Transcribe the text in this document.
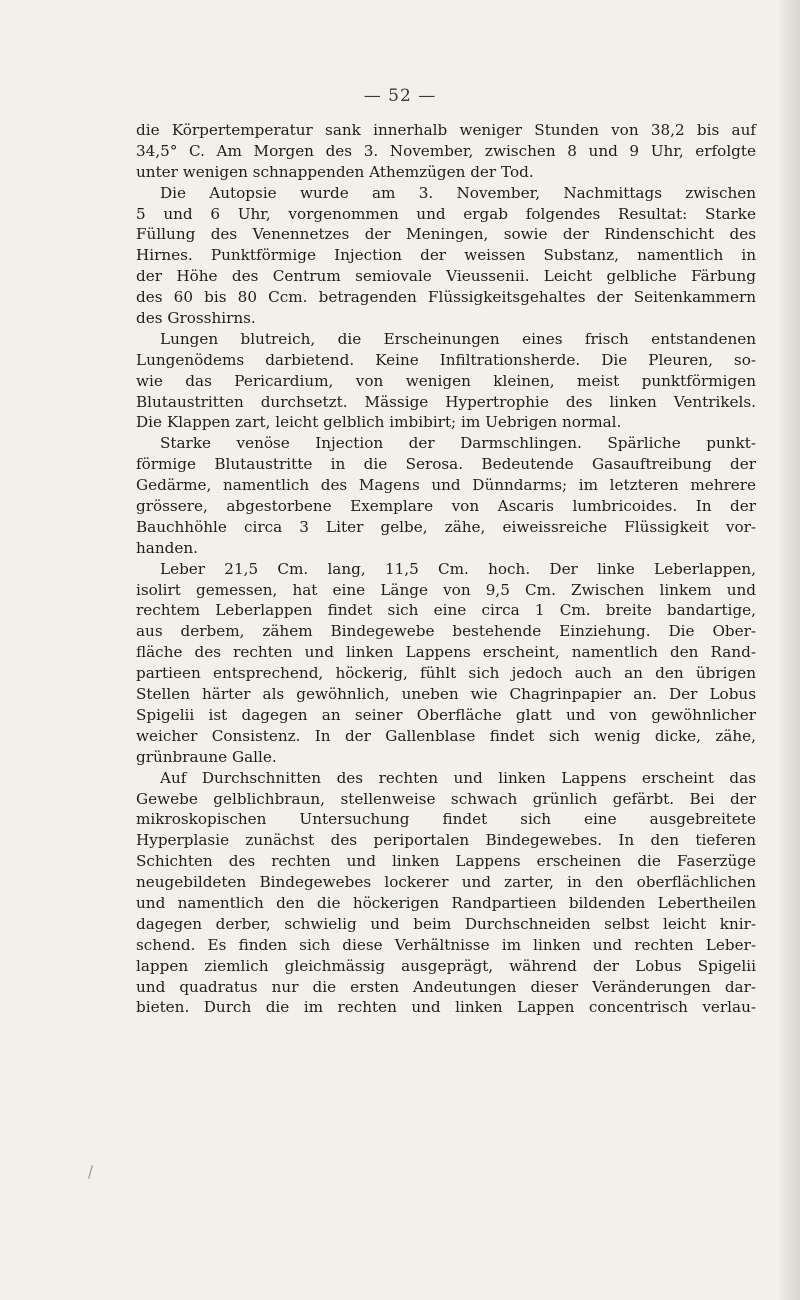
— 52 —
die Körpertemperatur sank innerhalb weniger Stunden von 38,2 bis auf
34,5° C. Am Morgen des 3. November, zwischen 8 und 9 Uhr, erfolgte
unter wenigen schnappenden Athemzügen der Tod.
Die Autopsie wurde am 3. November, Nachmittags zwischen
5 und 6 Uhr, vorgenommen und ergab folgendes Resultat: Starke
Füllung des Venennetzes der Meningen, sowie der Rindenschicht des
Hirnes. Punktförmige Injection der weissen Substanz, namentlich in
der Höhe des Centrum semiovale Vieussenii. Leicht gelbliche Färbung
des 60 bis 80 Ccm. betragenden Flüssigkeitsgehaltes der Seitenkammern
des Grosshirns.
Lungen blutreich, die Erscheinungen eines frisch entstandenen
Lungenödems darbietend. Keine Infiltrationsherde. Die Pleuren, so-
wie das Pericardium, von wenigen kleinen, meist punktförmigen
Blutaustritten durchsetzt. Mässige Hypertrophie des linken Ventrikels.
Die Klappen zart, leicht gelblich imbibirt; im Uebrigen normal.
Starke venöse Injection der Darmschlingen. Spärliche punkt-
förmige Blutaustritte in die Serosa. Bedeutende Gasauftreibung der
Gedärme, namentlich des Magens und Dünndarms; im letzteren mehrere
grössere, abgestorbene Exemplare von Ascaris lumbricoides. In der
Bauchhöhle circa 3 Liter gelbe, zähe, eiweissreiche Flüssigkeit vor-
handen.
Leber 21,5 Cm. lang, 11,5 Cm. hoch. Der linke Leberlappen,
isolirt gemessen, hat eine Länge von 9,5 Cm. Zwischen linkem und
rechtem Leberlappen findet sich eine circa 1 Cm. breite bandartige,
aus derbem, zähem Bindegewebe bestehende Einziehung. Die Ober-
fläche des rechten und linken Lappens erscheint, namentlich den Rand-
partieen entsprechend, höckerig, fühlt sich jedoch auch an den übrigen
Stellen härter als gewöhnlich, uneben wie Chagrinpapier an. Der Lobus
Spigelii ist dagegen an seiner Oberfläche glatt und von gewöhnlicher
weicher Consistenz. In der Gallenblase findet sich wenig dicke, zähe,
grünbraune Galle.
Auf Durchschnitten des rechten und linken Lappens erscheint das
Gewebe gelblichbraun, stellenweise schwach grünlich gefärbt. Bei der
mikroskopischen Untersuchung findet sich eine ausgebreitete
Hyperplasie zunächst des periportalen Bindegewebes. In den tieferen
Schichten des rechten und linken Lappens erscheinen die Faserzüge
neugebildeten Bindegewebes lockerer und zarter, in den oberflächlichen
und namentlich den die höckerigen Randpartieen bildenden Lebertheilen
dagegen derber, schwielig und beim Durchschneiden selbst leicht knir-
schend. Es finden sich diese Verhältnisse im linken und rechten Leber-
lappen ziemlich gleichmässig ausgeprägt, während der Lobus Spigelii
und quadratus nur die ersten Andeutungen dieser Veränderungen dar-
bieten. Durch die im rechten und linken Lappen concentrisch verlau-
